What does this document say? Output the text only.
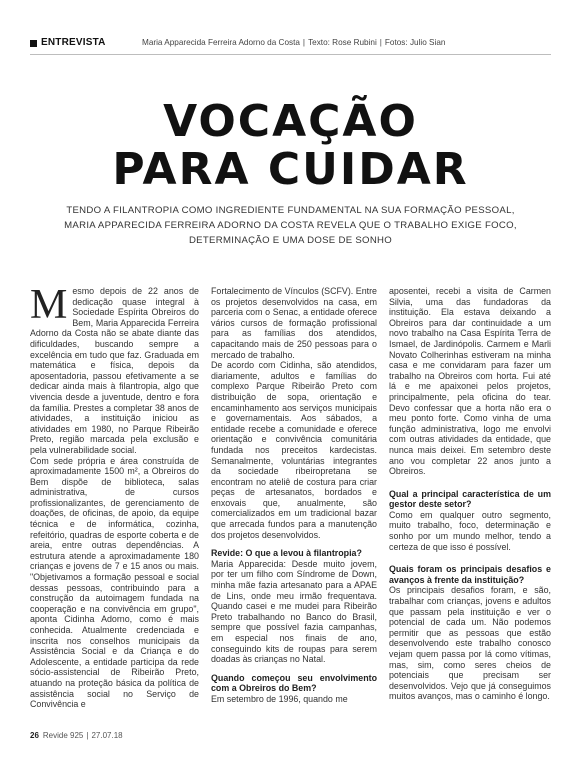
ENTREVISTA	Maria Apparecida Ferreira Adorno da Costa | Texto: Rose Rubini | Fotos: Julio Sian
VOCAÇÃO
PARA CUIDAR
TENDO A FILANTROPIA COMO INGREDIENTE FUNDAMENTAL NA SUA FORMAÇÃO PESSOAL, MARIA APPARECIDA FERREIRA ADORNO DA COSTA REVELA QUE O TRABALHO EXIGE FOCO, DETERMINAÇÃO E UMA DOSE DE SONHO

Mesmo depois de 22 anos de dedicação quase integral à Sociedade Espírita Obreiros do Bem, Maria Apparecida Ferreira Adorno da Costa não se abate diante das dificuldades, buscando sempre a excelência em tudo que faz. Graduada em matemática e física, depois da aposentadoria, passou efetivamente a se dedicar ainda mais à filantropia, algo que vivencia desde a juventude, dentro e fora da família. Prestes a completar 38 anos de atividades, a instituição iniciou as atividades em 1980, no Parque Ribeirão Preto, região marcada pela exclusão e pela vulnerabilidade social.

Com sede própria e área construída de aproximadamente 1500 m², a Obreiros do Bem dispõe de biblioteca, salas administrativa, de cursos profissionalizantes, de gerenciamento de doações, de oficinas, de apoio, da equipe técnica e de informática, cozinha, refeitório, quadras de esporte coberta e de areia, entre outras dependências. A estrutura atende a aproximadamente 180 crianças e jovens de 7 e 15 anos ou mais. "Objetivamos a formação pessoal e social dessas pessoas, contribuindo para a construção da autoimagem fundada na cooperação e na convivência em grupo", aponta Cidinha Adorno, como é mais conhecida. Atualmente credenciada e inscrita nos conselhos municipais da Assistência Social e da Criança e do Adolescente, a entidade participa da rede sócio-assistencial de Ribeirão Preto, atuando na proteção básica da política de assistência social no Serviço de Convivência e

Fortalecimento de Vínculos (SCFV). Entre os projetos desenvolvidos na casa, em parceria com o Senac, a entidade oferece vários cursos de formação profissional para as famílias dos atendidos, capacitando mais de 250 pessoas para o mercado de trabalho.

De acordo com Cidinha, são atendidos, diariamente, adultos e famílias do complexo Parque Ribeirão Preto com distribuição de sopa, orientação e encaminhamento aos serviços municipais e governamentais. Aos sábados, a entidade recebe a comunidade e oferece orientação e convivência comunitária fundada nos preceitos kardecistas. Semanalmente, voluntárias integrantes da sociedade ribeiropretana se encontram no ateliê de costura para criar peças de artesanatos, bordados e enxovais que, anualmente, são comercializados em um tradicional bazar que arrecada fundos para a manutenção dos projetos desenvolvidos.

Revide: O que a levou à filantropia?

Maria Apparecida: Desde muito jovem, por ter um filho com Síndrome de Down, minha mãe fazia artesanato para a APAE de Lins, onde meu irmão frequentava. Quando casei e me mudei para Ribeirão Preto trabalhando no Banco do Brasil, sempre que possível fazia campanhas, em especial nos finais de ano, conseguindo kits de roupas para serem doadas às crianças no Natal.

Quando começou seu envolvimento com a Obreiros do Bem?

Em setembro de 1996, quando me

aposentei, recebi a visita de Carmen Silvia, uma das fundadoras da instituição. Ela estava deixando a Obreiros para dar continuidade a um novo trabalho na Casa Espírita Terra de Ismael, de Jardinópolis. Carmem e Marli Novato Colherinhas estiveram na minha casa e me convidaram para fazer um trabalho na Obreiros com horta. Fui até lá e me apaixonei pelos projetos, principalmente, pela oficina do tear. Devo confessar que a horta não era o meu ponto forte. Como vinha de uma função administrativa, logo me envolvi com outras atividades da entidade, que nunca mais deixei. Em setembro deste ano vou completar 22 anos junto a Obreiros.

Qual a principal característica de um gestor deste setor?

Como em qualquer outro segmento, muito trabalho, foco, determinação e sonho por um mundo melhor, tendo a certeza de que isso é possível.

Quais foram os principais desafios e avanços à frente da instituição?

Os principais desafios foram, e são, trabalhar com crianças, jovens e adultos que passam pela instituição e ver o potencial de cada um. Não podemos permitir que as pessoas que estão desenvolvendo este trabalho conosco vejam quem passa por lá como vítimas, mas, sim, como seres cheios de potenciais que precisam ser desenvolvidos. Vejo que já conseguimos muitos avanços, mas o caminho é longo.

26 Revide 925 | 27.07.18
